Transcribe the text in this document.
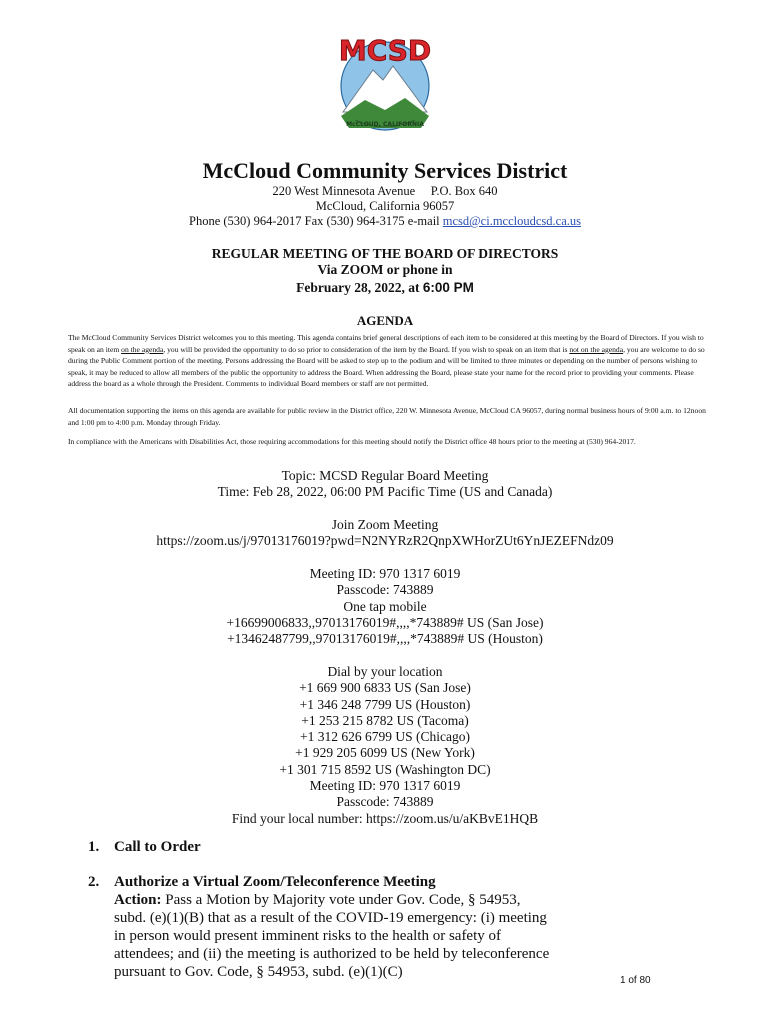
MCSD
McCLOUD, CALIFORNIA
McCloud Community Services District
220 West Minnesota Avenue     P.O. Box 640
McCloud, California 96057
Phone (530) 964-2017 Fax (530) 964-3175 e-mail mcsd@ci.mccloudcsd.ca.us
REGULAR MEETING OF THE BOARD OF DIRECTORS
Via ZOOM or phone in
February 28, 2022, at 6:00 PM
AGENDA
The McCloud Community Services District welcomes you to this meeting. This agenda contains brief general descriptions of each item to be considered at this meeting by the Board of Directors. If you wish to speak on an item on the agenda, you will be provided the opportunity to do so prior to consideration of the item by the Board. If you wish to speak on an item that is not on the agenda, you are welcome to do so during the Public Comment portion of the meeting. Persons addressing the Board will be asked to step up to the podium and will be limited to three minutes or depending on the number of persons wishing to speak, it may be reduced to allow all members of the public the opportunity to address the Board. When addressing the Board, please state your name for the record prior to providing your comments. Please address the board as a whole through the President. Comments to individual Board members or staff are not permitted.
All documentation supporting the items on this agenda are available for public review in the District office, 220 W. Minnesota Avenue, McCloud CA 96057, during normal business hours of 9:00 a.m. to 12noon and 1:00 pm to 4:00 p.m. Monday through Friday.
In compliance with the Americans with Disabilities Act, those requiring accommodations for this meeting should notify the District office 48 hours prior to the meeting at (530) 964-2017.
Topic: MCSD Regular Board Meeting
Time: Feb 28, 2022, 06:00 PM Pacific Time (US and Canada)
Join Zoom Meeting
https://zoom.us/j/97013176019?pwd=N2NYRzR2QnpXWHorZUt6YnJEZEFNdz09
Meeting ID: 970 1317 6019
Passcode: 743889
One tap mobile
+16699006833,,97013176019#,,,,*743889# US (San Jose)
+13462487799,,97013176019#,,,,*743889# US (Houston)
Dial by your location
+1 669 900 6833 US (San Jose)
+1 346 248 7799 US (Houston)
+1 253 215 8782 US (Tacoma)
+1 312 626 6799 US (Chicago)
+1 929 205 6099 US (New York)
+1 301 715 8592 US (Washington DC)
Meeting ID: 970 1317 6019
Passcode: 743889
Find your local number: https://zoom.us/u/aKBvE1HQB
1. Call to Order
2. Authorize a Virtual Zoom/Teleconference Meeting
Action: Pass a Motion by Majority vote under Gov. Code, § 54953, subd. (e)(1)(B) that as a result of the COVID-19 emergency: (i) meeting in person would present imminent risks to the health or safety of attendees; and (ii) the meeting is authorized to be held by teleconference pursuant to Gov. Code, § 54953, subd. (e)(1)(C)
1 of 80
